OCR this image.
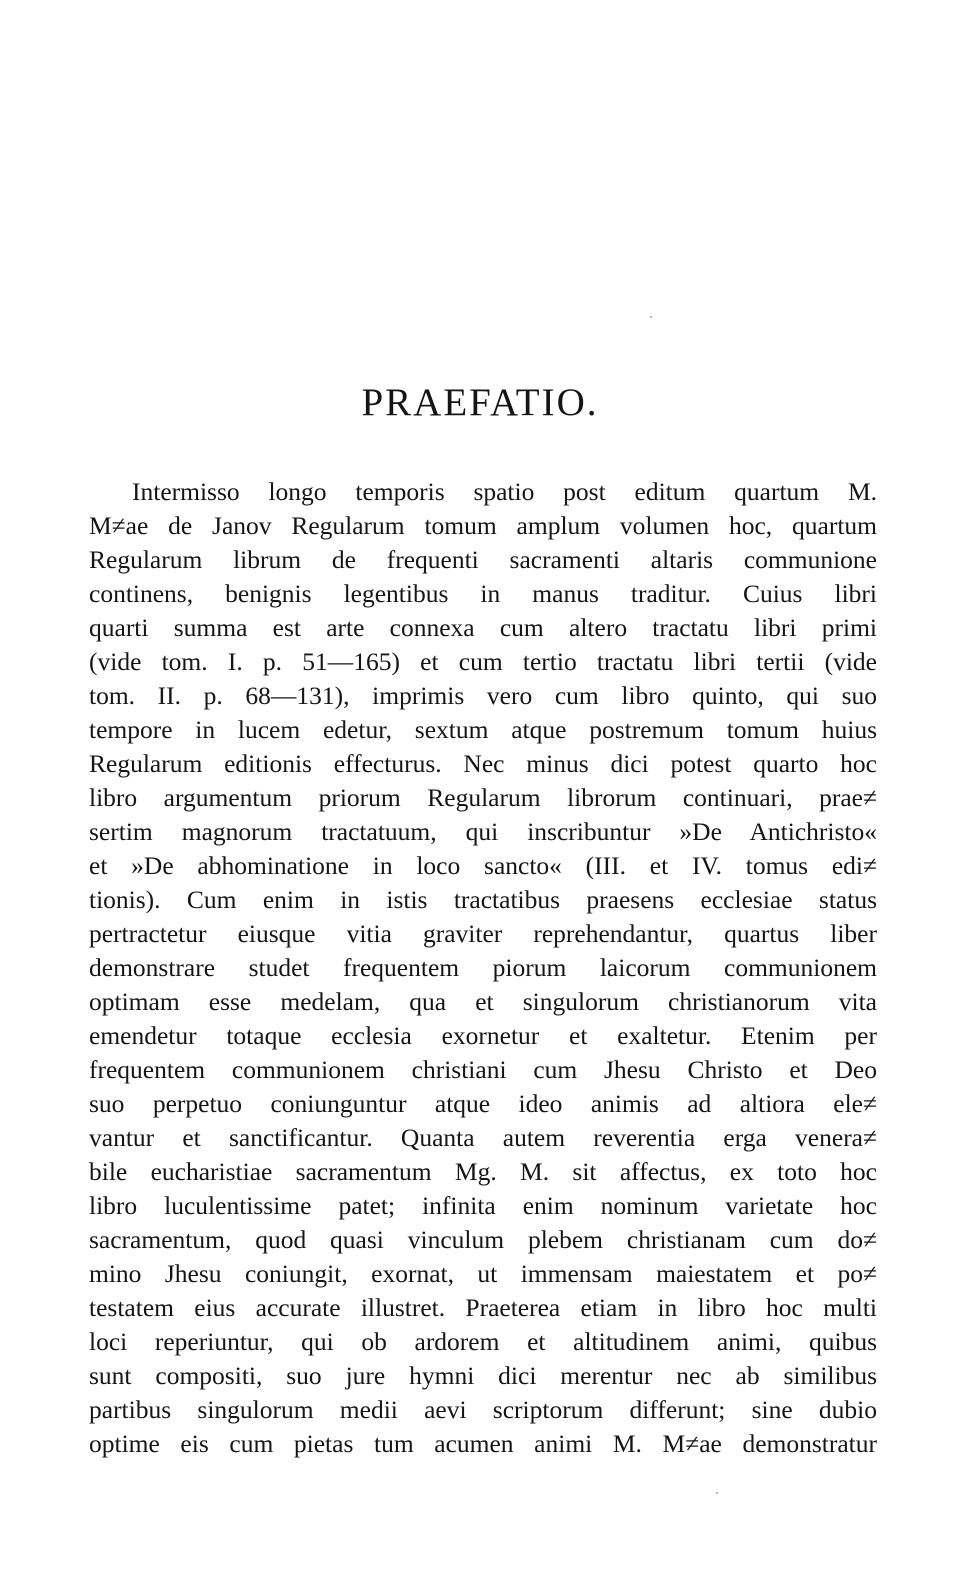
PRAEFATIO.
Intermisso longo temporis spatio post editum quartum M.
M≠ae de Janov Regularum tomum amplum volumen hoc, quartum
Regularum librum de frequenti sacramenti altaris communione
continens, benignis legentibus in manus traditur. Cuius libri
quarti summa est arte connexa cum altero tractatu libri primi
(vide tom. I. p. 51—165) et cum tertio tractatu libri tertii (vide
tom. II. p. 68—131), imprimis vero cum libro quinto, qui suo
tempore in lucem edetur, sextum atque postremum tomum huius
Regularum editionis effecturus. Nec minus dici potest quarto hoc
libro argumentum priorum Regularum librorum continuari, prae≠
sertim magnorum tractatuum, qui inscribuntur »De Antichristo«
et »De abhominatione in loco sancto« (III. et IV. tomus edi≠
tionis). Cum enim in istis tractatibus praesens ecclesiae status
pertractetur eiusque vitia graviter reprehendantur, quartus liber
demonstrare studet frequentem piorum laicorum communionem
optimam esse medelam, qua et singulorum christianorum vita
emendetur totaque ecclesia exornetur et exaltetur. Etenim per
frequentem communionem christiani cum Jhesu Christo et Deo
suo perpetuo coniunguntur atque ideo animis ad altiora ele≠
vantur et sanctificantur. Quanta autem reverentia erga venera≠
bile eucharistiae sacramentum Mg. M. sit affectus, ex toto hoc
libro luculentissime patet; infinita enim nominum varietate hoc
sacramentum, quod quasi vinculum plebem christianam cum do≠
mino Jhesu coniungit, exornat, ut immensam maiestatem et po≠
testatem eius accurate illustret. Praeterea etiam in libro hoc multi
loci reperiuntur, qui ob ardorem et altitudinem animi, quibus
sunt compositi, suo jure hymni dici merentur nec ab similibus
partibus singulorum medii aevi scriptorum differunt; sine dubio
optime eis cum pietas tum acumen animi M. M≠ae demonstratur
